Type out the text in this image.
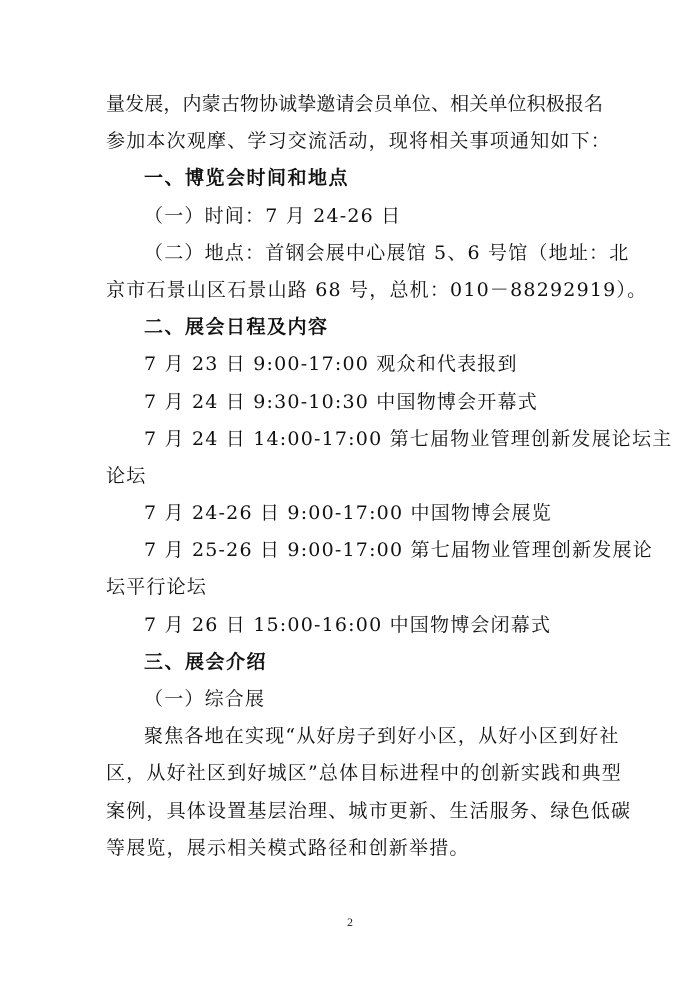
量发展，内蒙古物协诚挚邀请会员单位、相关单位积极报名
参加本次观摩、学习交流活动，现将相关事项通知如下：
一、博览会时间和地点
（一）时间：7 月 24-26 日
（二）地点：首钢会展中心展馆 5、6 号馆（地址：北
京市石景山区石景山路 68 号，总机：010－88292919）。
二、展会日程及内容
7 月 23 日 9:00-17:00 观众和代表报到
7 月 24 日 9:30-10:30 中国物博会开幕式
7 月 24 日 14:00-17:00 第七届物业管理创新发展论坛主
论坛
7 月 24-26 日 9:00-17:00 中国物博会展览
7 月 25-26 日 9:00-17:00 第七届物业管理创新发展论
坛平行论坛
7 月 26 日 15:00-16:00 中国物博会闭幕式
三、展会介绍
（一）综合展
聚焦各地在实现“从好房子到好小区，从好小区到好社
区，从好社区到好城区”总体目标进程中的创新实践和典型
案例，具体设置基层治理、城市更新、生活服务、绿色低碳
等展览，展示相关模式路径和创新举措。
2
